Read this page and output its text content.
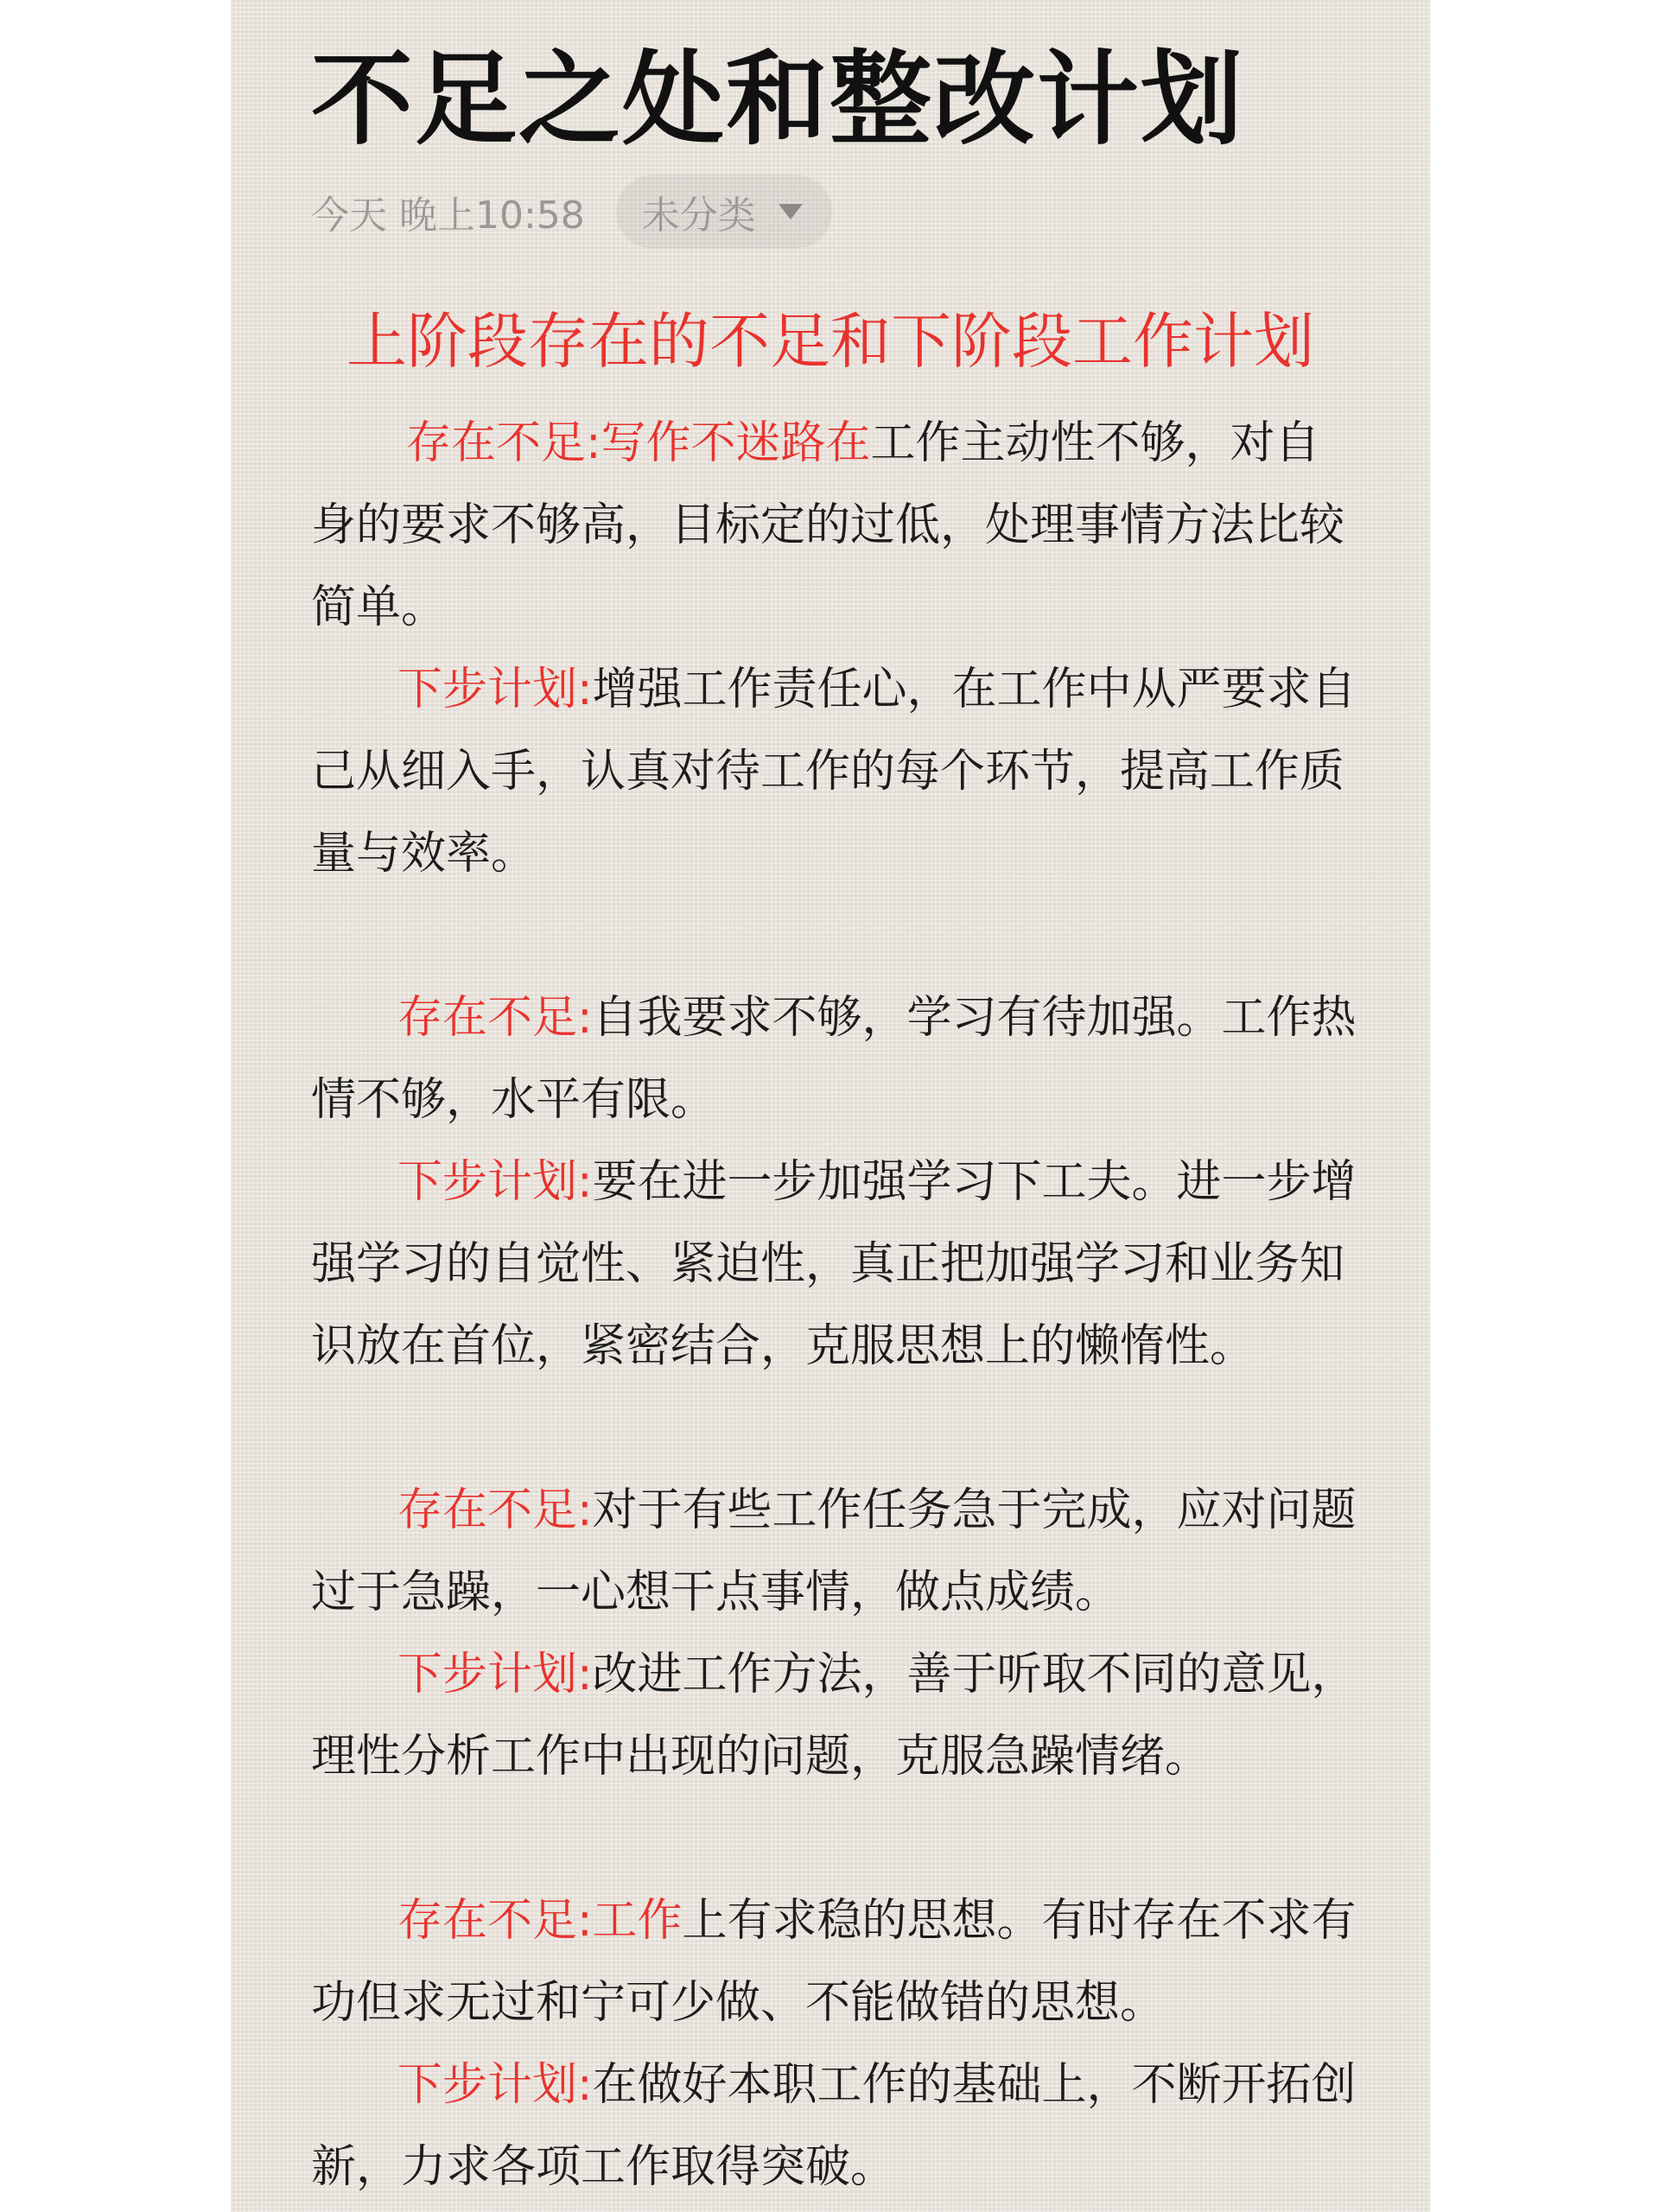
不足之处和整改计划
今天 晚上10:58 未分类
上阶段存在的不足和下阶段工作计划

存在不足:写作不迷路在工作主动性不够，对自身的要求不够高，目标定的过低，处理事情方法比较简单。

下步计划:增强工作责任心，在工作中从严要求自己从细入手，认真对待工作的每个环节，提高工作质量与效率。

存在不足:自我要求不够，学习有待加强。工作热情不够，水平有限。

下步计划:要在进一步加强学习下工夫。进一步增强学习的自觉性、紧迫性，真正把加强学习和业务知识放在首位，紧密结合，克服思想上的懒惰性。

存在不足:对于有些工作任务急于完成，应对问题过于急躁，一心想干点事情，做点成绩。

下步计划:改进工作方法，善于听取不同的意见，理性分析工作中出现的问题，克服急躁情绪。

存在不足:工作上有求稳的思想。有时存在不求有功但求无过和宁可少做、不能做错的思想。

下步计划:在做好本职工作的基础上，不断开拓创新，力求各项工作取得突破。
